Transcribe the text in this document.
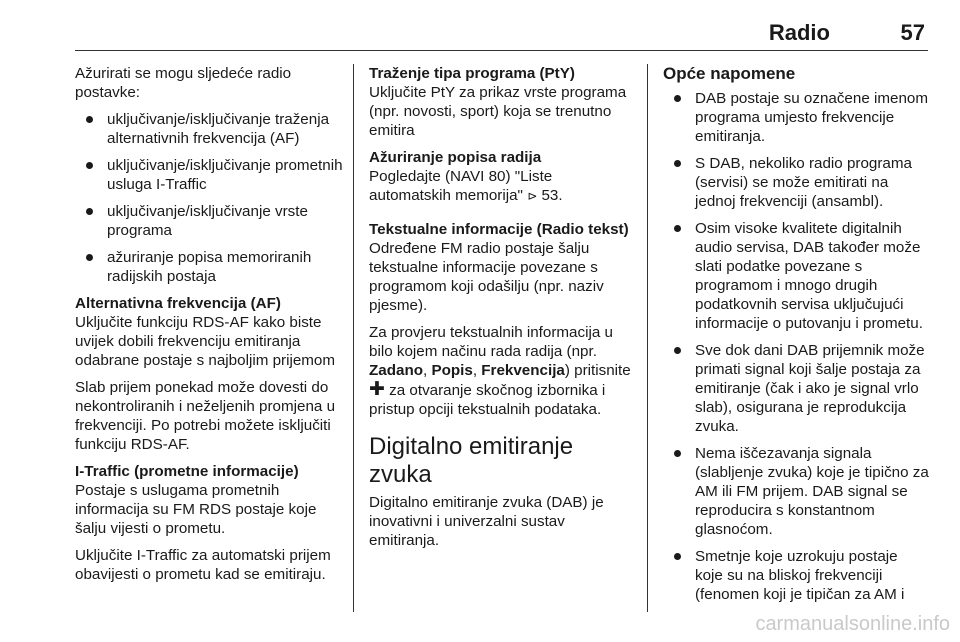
Radio	57

Ažurirati se mogu sljedeće radio postavke:

uključivanje/isključivanje traženja alternativnih frekvencija (AF)
uključivanje/isključivanje prometnih usluga I-Traffic
uključivanje/isključivanje vrste programa
ažuriranje popisa memoriranih radijskih postaja
Alternativna frekvencija (AF)

Uključite funkciju RDS-AF kako biste uvijek dobili frekvenciju emitiranja odabrane postaje s najboljim prijemom

Slab prijem ponekad može dovesti do nekontroliranih i neželjenih promjena u frekvenciji. Po potrebi možete isključiti funkciju RDS-AF.

I-Traffic (prometne informacije)

Postaje s uslugama prometnih informacija su FM RDS postaje koje šalju vijesti o prometu.

Uključite I-Traffic za automatski prijem obavijesti o prometu kad se emitiraju.

Traženje tipa programa (PtY)

Uključite PtY za prikaz vrste programa (npr. novosti, sport) koja se trenutno emitira

Ažuriranje popisa radija

Pogledajte (NAVI 80) "Liste automatskih memorija" ⊳ 53.

Tekstualne informacije (Radio tekst)

Određene FM radio postaje šalju tekstualne informacije povezane s programom koji odašilju (npr. naziv pjesme).

Za provjeru tekstualnih informacija u bilo kojem načinu rada radija (npr. Zadano, Popis, Frekvencija) pritisnite ✚ za otvaranje skočnog izbornika i pristup opciji tekstualnih podataka.

Digitalno emitiranje zvuka

Digitalno emitiranje zvuka (DAB) je inovativni i univerzalni sustav emitiranja.

Opće napomene
DAB postaje su označene imenom programa umjesto frekvencije emitiranja.
S DAB, nekoliko radio programa (servisi) se može emitirati na jednoj frekvenciji (ansambl).
Osim visoke kvalitete digitalnih audio servisa, DAB također može slati podatke povezane s programom i mnogo drugih podatkovnih servisa uključujući informacije o putovanju i prometu.
Sve dok dani DAB prijemnik može primati signal koji šalje postaja za emitiranje (čak i ako je signal vrlo slab), osigurana je reprodukcija zvuka.
Nema iščezavanja signala (slabljenje zvuka) koje je tipično za AM ili FM prijem. DAB signal se reproducira s konstantnom glasnoćom.
Smetnje koje uzrokuju postaje koje su na bliskoj frekvenciji (fenomen koji je tipičan za AM i
carmanualsonline.info
